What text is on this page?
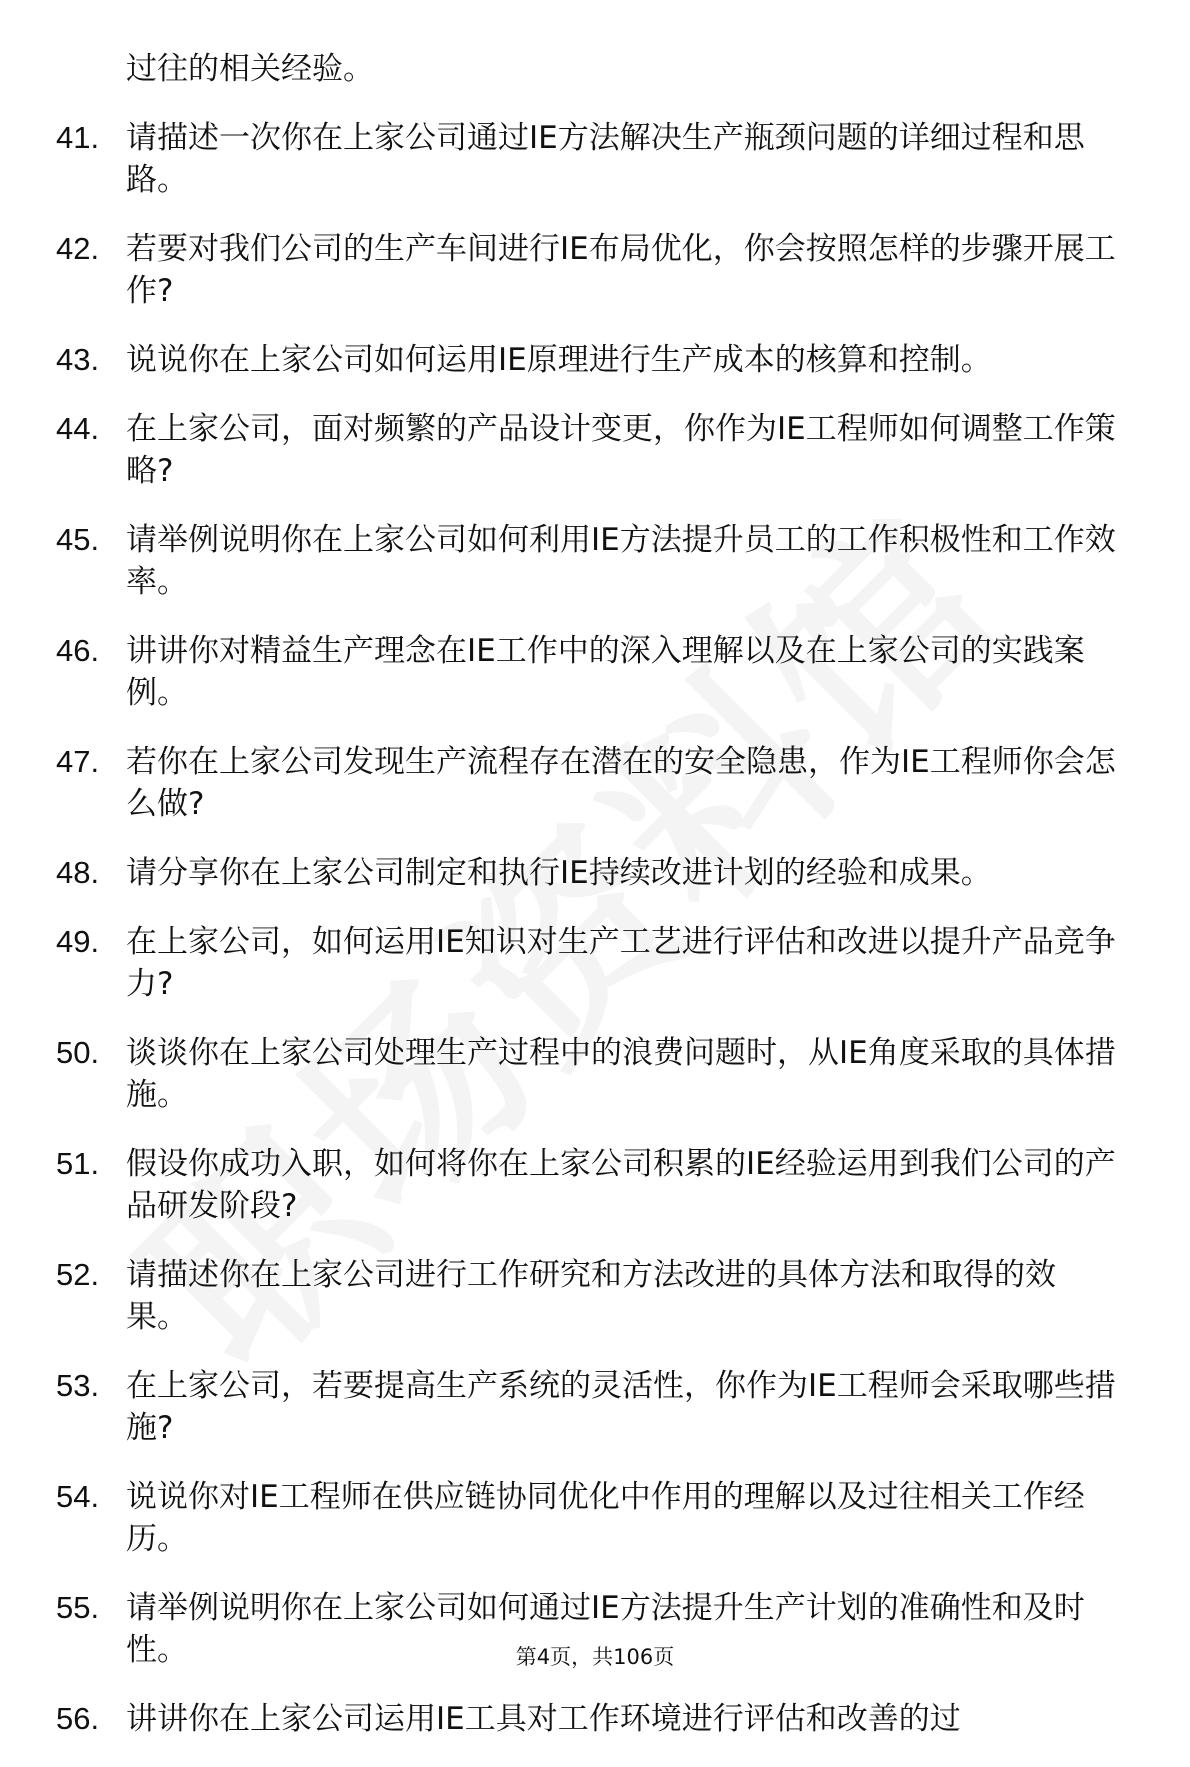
过往的相关经验。
41. 请描述一次你在上家公司通过IE方法解决生产瓶颈问题的详细过程和思路。
42. 若要对我们公司的生产车间进行IE布局优化，你会按照怎样的步骤开展工作?
43. 说说你在上家公司如何运用IE原理进行生产成本的核算和控制。
44. 在上家公司，面对频繁的产品设计变更，你作为IE工程师如何调整工作策略?
45. 请举例说明你在上家公司如何利用IE方法提升员工的工作积极性和工作效率。
46. 讲讲你对精益生产理念在IE工作中的深入理解以及在上家公司的实践案例。
47. 若你在上家公司发现生产流程存在潜在的安全隐患，作为IE工程师你会怎么做?
48. 请分享你在上家公司制定和执行IE持续改进计划的经验和成果。
49. 在上家公司，如何运用IE知识对生产工艺进行评估和改进以提升产品竞争力?
50. 谈谈你在上家公司处理生产过程中的浪费问题时，从IE角度采取的具体措施。
51. 假设你成功入职，如何将你在上家公司积累的IE经验运用到我们公司的产品研发阶段?
52. 请描述你在上家公司进行工作研究和方法改进的具体方法和取得的效果。
53. 在上家公司，若要提高生产系统的灵活性，你作为IE工程师会采取哪些措施?
54. 说说你对IE工程师在供应链协同优化中作用的理解以及过往相关工作经历。
55. 请举例说明你在上家公司如何通过IE方法提升生产计划的准确性和及时性。
56. 讲讲你在上家公司运用IE工具对工作环境进行评估和改善的过
第4页，共106页
